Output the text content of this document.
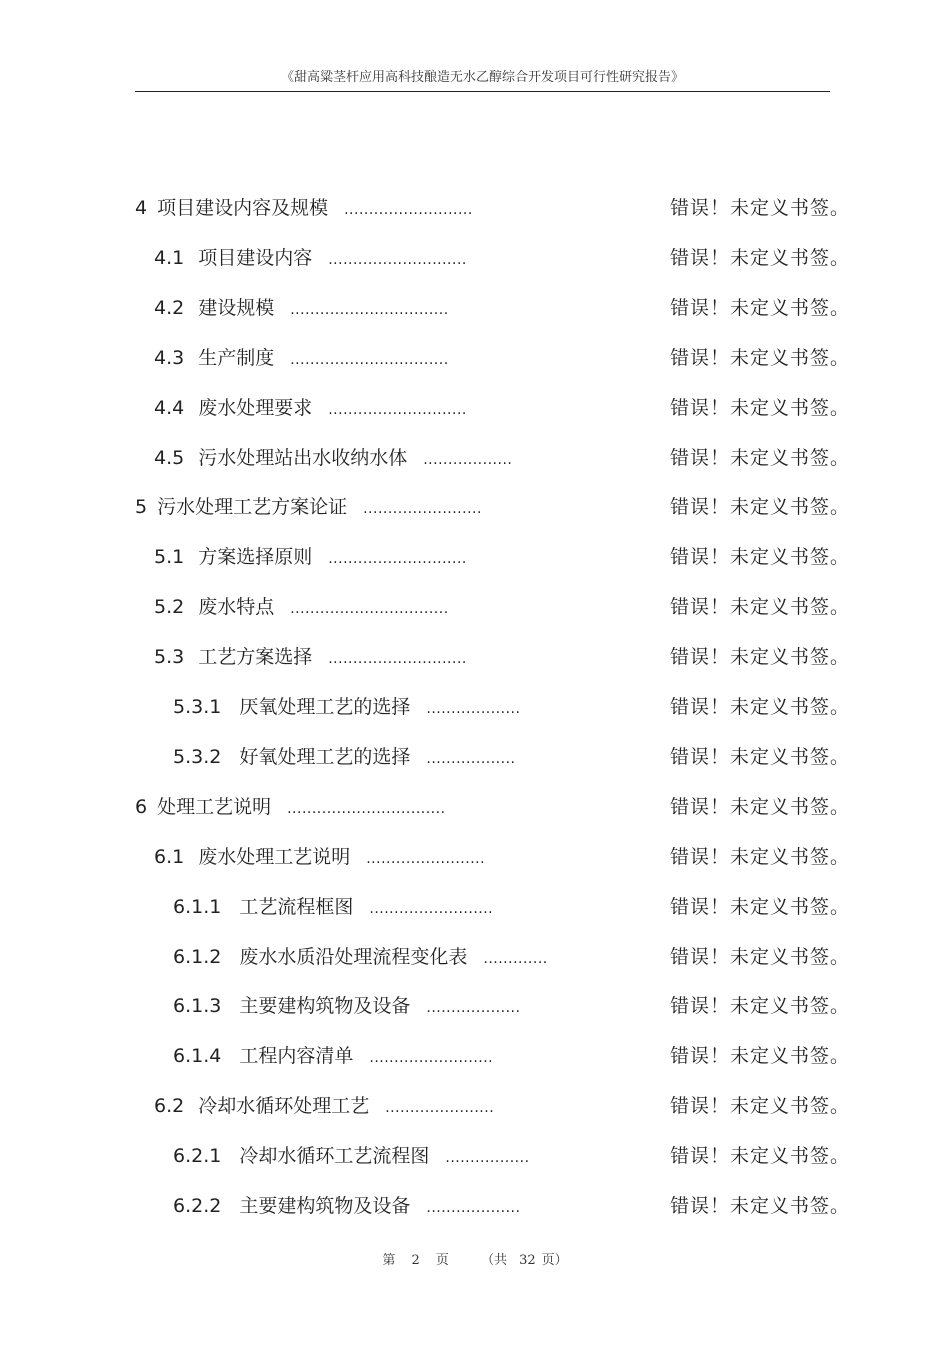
《甜高粱茎杆应用高科技酿造无水乙醇综合开发项目可行性研究报告》
4 项目建设内容及规模 ..........................	错误！未定义书签。
4.1 项目建设内容 ............................	错误！未定义书签。
4.2 建设规模 ................................	错误！未定义书签。
4.3 生产制度 ................................	错误！未定义书签。
4.4 废水处理要求 ............................	错误！未定义书签。
4.5 污水处理站出水收纳水体 ..................	错误！未定义书签。
5 污水处理工艺方案论证 ........................	错误！未定义书签。
5.1 方案选择原则 ............................	错误！未定义书签。
5.2 废水特点 ................................	错误！未定义书签。
5.3 工艺方案选择 ............................	错误！未定义书签。
5.3.1 厌氧处理工艺的选择 ...................	错误！未定义书签。
5.3.2 好氧处理工艺的选择 ..................	错误！未定义书签。
6 处理工艺说明 ................................	错误！未定义书签。
6.1 废水处理工艺说明 ........................	错误！未定义书签。
6.1.1 工艺流程框图 .........................	错误！未定义书签。
6.1.2 废水水质沿处理流程变化表 .............	错误！未定义书签。
6.1.3 主要建构筑物及设备 ...................	错误！未定义书签。
6.1.4 工程内容清单 .........................	错误！未定义书签。
6.2 冷却水循环处理工艺 ......................	错误！未定义书签。
6.2.1 冷却水循环工艺流程图 .................	错误！未定义书签。
6.2.2 主要建构筑物及设备 ...................	错误！未定义书签。
第 2 页 （共 32 页）
